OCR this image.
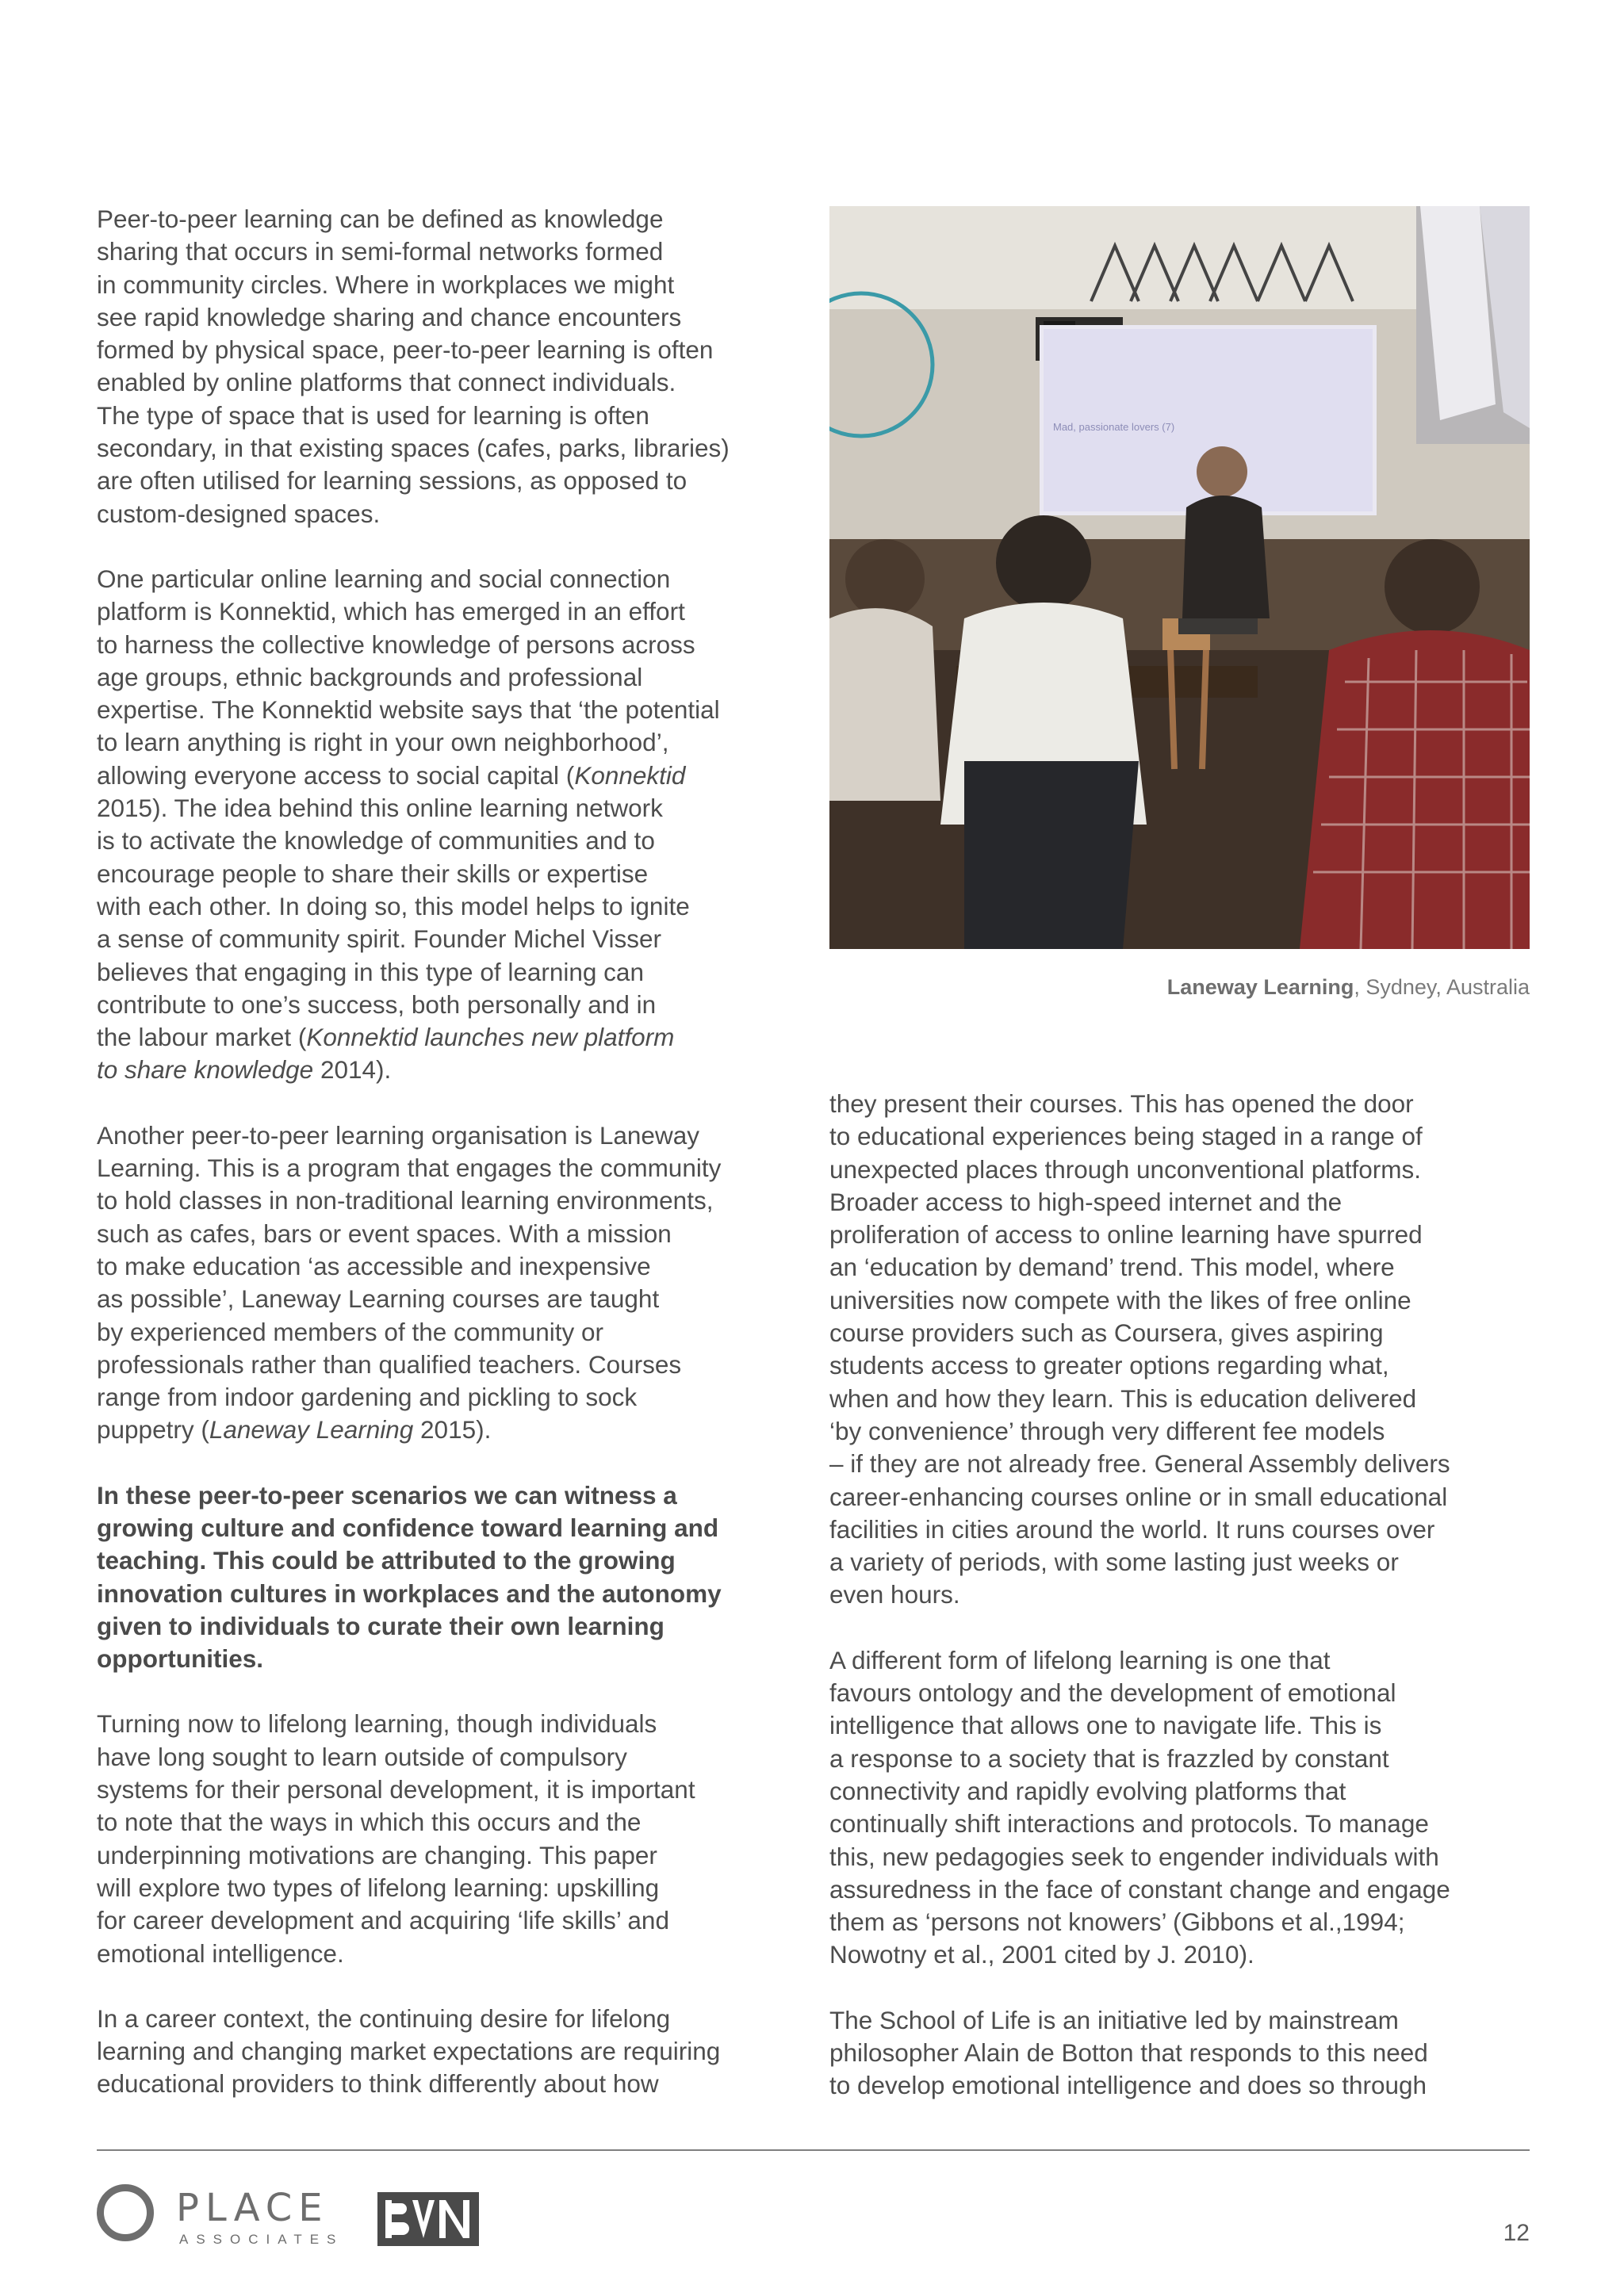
Peer-to-peer learning can be defined as knowledge
sharing that occurs in semi-formal networks formed
in community circles. Where in workplaces we might
see rapid knowledge sharing and chance encounters
formed by physical space, peer-to-peer learning is often
enabled by online platforms that connect individuals.
The type of space that is used for learning is often
secondary, in that existing spaces (cafes, parks, libraries)
are often utilised for learning sessions, as opposed to
custom-designed spaces.

One particular online learning and social connection
platform is Konnektid, which has emerged in an effort
to harness the collective knowledge of persons across
age groups, ethnic backgrounds and professional
expertise. The Konnektid website says that ‘the potential
to learn anything is right in your own neighborhood’,
allowing everyone access to social capital (Konnektid
2015). The idea behind this online learning network
is to activate the knowledge of communities and to
encourage people to share their skills or expertise
with each other. In doing so, this model helps to ignite
a sense of community spirit. Founder Michel Visser
believes that engaging in this type of learning can
contribute to one’s success, both personally and in
the labour market (Konnektid launches new platform
to share knowledge 2014).

Another peer-to-peer learning organisation is Laneway
Learning. This is a program that engages the community
to hold classes in non-traditional learning environments,
such as cafes, bars or event spaces. With a mission
to make education ‘as accessible and inexpensive
as possible’, Laneway Learning courses are taught
by experienced members of the community or
professionals rather than qualified teachers. Courses
range from indoor gardening and pickling to sock
puppetry (Laneway Learning 2015).

In these peer-to-peer scenarios we can witness a
growing culture and confidence toward learning and
teaching. This could be attributed to the growing
innovation cultures in workplaces and the autonomy
given to individuals to curate their own learning
opportunities.

Turning now to lifelong learning, though individuals
have long sought to learn outside of compulsory
systems for their personal development, it is important
to note that the ways in which this occurs and the
underpinning motivations are changing. This paper
will explore two types of lifelong learning: upskilling
for career development and acquiring ‘life skills’ and
emotional intelligence.

In a career context, the continuing desire for lifelong
learning and changing market expectations are requiring
educational providers to think differently about how

Mad, passionate lovers (7)
Laneway Learning, Sydney, Australia

they present their courses. This has opened the door
to educational experiences being staged in a range of
unexpected places through unconventional platforms.
Broader access to high-speed internet and the
proliferation of access to online learning have spurred
an ‘education by demand’ trend. This model, where
universities now compete with the likes of free online
course providers such as Coursera, gives aspiring
students access to greater options regarding what,
when and how they learn. This is education delivered
‘by convenience’ through very different fee models
– if they are not already free. General Assembly delivers
career-enhancing courses online or in small educational
facilities in cities around the world. It runs courses over
a variety of periods, with some lasting just weeks or
even hours.

A different form of lifelong learning is one that
favours ontology and the development of emotional
intelligence that allows one to navigate life. This is
a response to a society that is frazzled by constant
connectivity and rapidly evolving platforms that
continually shift interactions and protocols. To manage
this, new pedagogies seek to engender individuals with
assuredness in the face of constant change and engage
them as ‘persons not knowers’ (Gibbons et al.,1994;
Nowotny et al., 2001 cited by J. 2010).

The School of Life is an initiative led by mainstream
philosopher Alain de Botton that responds to this need
to develop emotional intelligence and does so through

PLACE
ASSOCIATES	12
